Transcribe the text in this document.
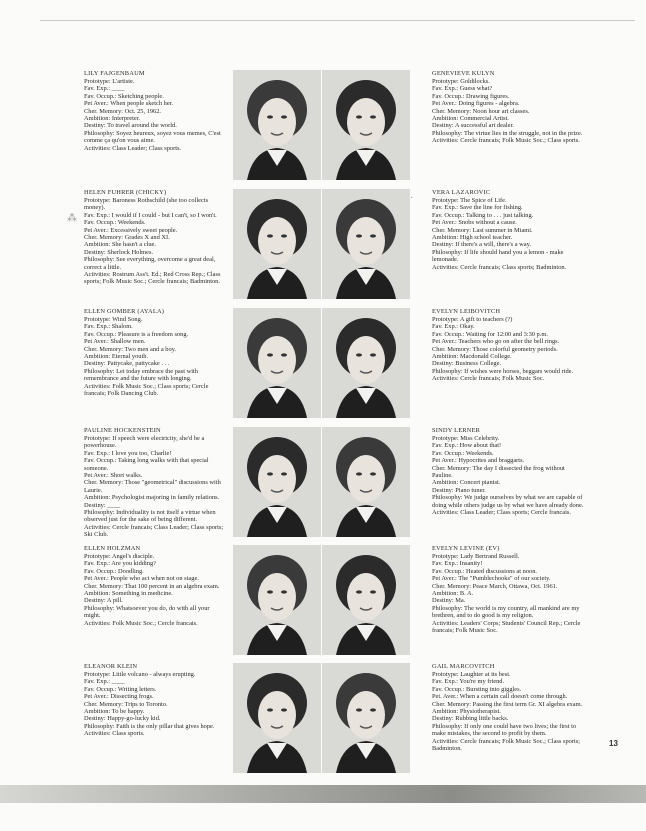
LILY FAJGENBAUM
Prototype: L'artiste.
Fav. Exp.: ____
Fav. Occup.: Sketching people.
Pet Aver.: When people sketch her.
Cher. Memory: Oct. 25, 1962.
Ambition: Interpreter.
Destiny: To travel around the world.
Philosophy: Soyez heureux, soyez vous memes, C'est comme ça qu'on vous aime.
Activities: Class Leader; Class sports.
HELEN FUHRER (CHICKY)
Prototype: Baroness Rothschild (she too collects money).
Fav. Exp.: I would if I could - but I can't, so I won't.
Fav. Occup.: Weekends.
Pet Aver.: Excessively sweet people.
Cher. Memory: Grades X and XI.
Ambition: She hasn't a clue.
Destiny: Sherlock Holmes.
Philosophy: See everything, overcome a great deal, correct a little.
Activities: Rostrum Ass't. Ed.; Red Cross Rep.; Class sports; Folk Music Soc.; Cercle francais; Badminton.
ELLEN GOMBER (AYALA)
Prototype: Wind Song.
Fav. Exp.: Shalom.
Fav. Occup.: Pleasure is a freedom song.
Pet Aver.: Shallow men.
Cher. Memory: Two men and a boy.
Ambition: Eternal youth.
Destiny: Pattycake, pattycake . . .
Philosophy: Let today embrace the past with remembrance and the future with longing.
Activities: Folk Music Soc.; Class sports; Cercle francais; Folk Dancing Club.
PAULINE HOCKENSTEIN
Prototype: If speech were electricity, she'd be a powerhouse.
Fav. Exp.: I love you too, Charlie!
Fav. Occup.: Taking long walks with that special someone.
Pet Aver.: Short walks.
Cher. Memory: Those "geometrical" discussions with Laurie.
Ambition: Psychologist majoring in family relations.
Destiny: ____
Philosophy: Individuality is not itself a virtue when observed just for the sake of being different.
Activities: Cercle francais; Class Leader; Class sports; Ski Club.
ELLEN HOLZMAN
Prototype: Angel's disciple.
Fav. Exp.: Are you kidding?
Fav. Occup.: Doodling.
Pet Aver.: People who act when not on stage.
Cher. Memory: That 100 percent in an algebra exam.
Ambition: Something in medicine.
Destiny: A pill.
Philosophy: Whatsoever you do, do with all your might.
Activities: Folk Music Soc.; Cercle francais.
ELEANOR KLEIN
Prototype: Little volcano - always erupting.
Fav. Exp.: ____
Fav. Occup.: Writing letters.
Pet Aver.: Dissecting frogs.
Cher. Memory: Trips to Toronto.
Ambition: To be happy.
Destiny: Happy-go-lucky kid.
Philosophy: Faith is the only pillar that gives hope.
Activities: Class sports.
GENEVIEVE KULYN
Prototype: Goldilocks.
Fav. Exp.: Guess what?
Fav. Occup.: Drawing figures.
Pet Aver.: Doing figures - algebra.
Cher. Memory: Noon hour art classes.
Ambition: Commercial Artist.
Destiny: A successful art dealer.
Philosophy: The virtue lies in the struggle, not in the prize.
Activities: Cercle francais; Folk Music Soc.; Class sports.
VERA LAZAROVIC
Prototype: The Spice of Life.
Fav. Exp.: Save the line for fishing.
Fav. Occup.: Talking to . . . just talking.
Pet Aver.: Snobs without a cause.
Cher. Memory: Last summer in Miami.
Ambition: High school teacher.
Destiny: If there's a will, there's a way.
Philosophy: If life should hand you a lemon - make lemonade.
Activities: Cercle francais; Class sports; Badminton.
EVELYN LEIBOVITCH
Prototype: A gift to teachers (?)
Fav. Exp.: Okay.
Fav. Occup.: Waiting for 12:00 and 3:30 p.m.
Pet Aver.: Teachers who go on after the bell rings.
Cher. Memory: Those colorful geometry periods.
Ambition: Macdonald College.
Destiny: Business College.
Philosophy: If wishes were horses, beggars would ride.
Activities: Cercle francais; Folk Music Soc.
SINDY LERNER
Prototype: Miss Celebrity.
Fav. Exp.: How about that!
Fav. Occup.: Weekends.
Pet Aver.: Hypocrites and braggarts.
Cher. Memory: The day I dissected the frog without Pauline.
Ambition: Concert pianist.
Destiny: Piano tuner.
Philosophy: We judge ourselves by what we are capable of doing while others judge us by what we have already done.
Activities: Class Leader; Class sports; Cercle francais.
EVELYN LEVINE (EV)
Prototype: Lady Bertrand Russell.
Fav. Exp.: Insanity!
Fav. Occup.: Heated discussions at noon.
Pet Aver.: The "Pumblechooks" of our society.
Cher. Memory: Peace March, Ottawa, Oct. 1961.
Ambition: B. A.
Destiny: Ma.
Philosophy: The world is my country, all mankind are my brethren, and to do good is my religion.
Activities: Leaders' Corps; Students' Council Rep.; Cercle francais; Folk Music Soc.
GAIL MARCOVITCH
Prototype: Laughter at its best.
Fav. Exp.: You're my friend.
Fav. Occup.: Bursting into giggles.
Pet. Aver.: When a certain call doesn't come through.
Cher. Memory: Passing the first term Gr. XI algebra exam.
Ambition: Physiotherapist.
Destiny: Rubbing little backs.
Philosophy: If only one could have two lives; the first to make mistakes, the second to profit by them.
Activities: Cercle francais; Folk Music Soc.; Class sports; Badminton.
⁂
·
13
